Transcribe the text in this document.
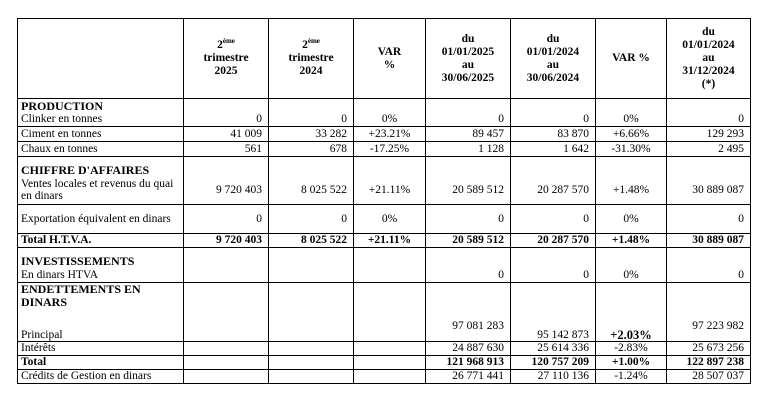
	2ème
trimestre
2025	2ème
trimestre
2024	VAR
%	du
01/01/2025
au
30/06/2025	du
01/01/2024
au
30/06/2024	VAR %	du
01/01/2024
au
31/12/2024
(*)
PRODUCTION							
Clinker en tonnes	0	0	0%	0	0	0%	0
Ciment en tonnes	41 009	33 282	+23.21%	89 457	83 870	+6.66%	129 293
Chaux en tonnes	561	678	-17.25%	1 128	1 642	-31.30%	2 495
CHIFFRE D'AFFAIRES							
Ventes locales et revenus du quai en dinars	9 720 403	8 025 522	+21.11%	20 589 512	20 287 570	+1.48%	30 889 087
Exportation équivalent en dinars	0	0	0%	0	0	0%	0
Total H.T.V.A.	9 720 403	8 025 522	+21.11%	20 589 512	20 287 570	+1.48%	30 889 087
INVESTISSEMENTS							
En dinars HTVA				0	0	0%	0
ENDETTEMENTS EN DINARS							
Principal				97 081 283	95 142 873	+2.03%	97 223 982
Intérêts				24 887 630	25 614 336	-2.83%	25 673 256
Total				121 968 913	120 757 209	+1.00%	122 897 238
Crédits de Gestion en dinars				26 771 441	27 110 136	-1.24%	28 507 037
